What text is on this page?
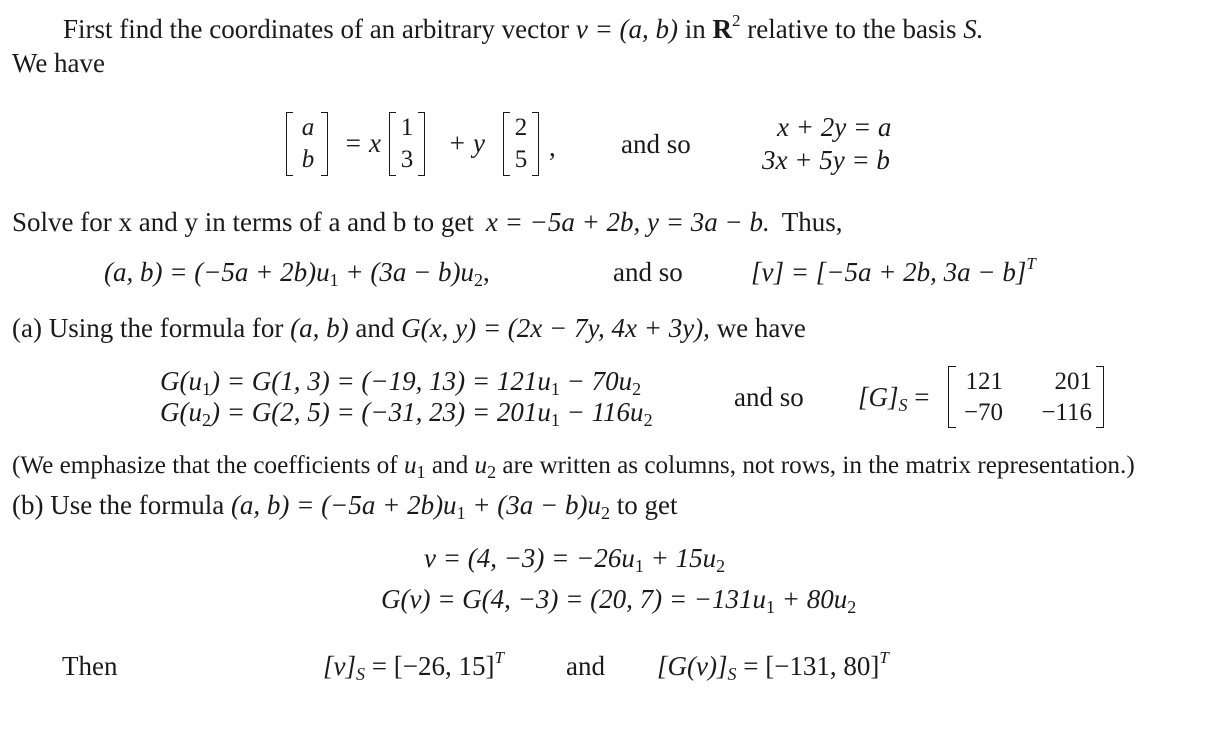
First find the coordinates of an arbitrary vector v = (a, b) in $R^2$ relative to the basis S.
We have
a
b
= x
1
3
+ y
2
5 , and so
x + 2y = a
3x + 5y = b
Solve for x and y in terms of a and b to get x = −5a + 2b, y = 3a − b. Thus,
(a, $b) = (-5a + 2b)u_1 + (3a - b)u_2$,	and so	[v] = [−5a + 2b, 3a − b]$^T$
(a) Using the formula for (a, b) and G(x, y) = (2x − 7y, 4x + 3y), we have
$G(u_1) = G(1$, 3) = (−19, $13) = 121u_1 - 70u_2$
$G(u_2) = G(2$, 5) = (−31, $23) = 201u_1 - 116u_2$
and so $[G]_S$ =
121	201
−70	−116
(We emphasize that the coefficients of $u_1$ and $u_2$ are written as columns, not rows, in the matrix representation.)
(b) Use the formula (a, $b) = (-5a + 2b)u_1 + (3a - b)u_2$ to get
v = (4, $-3) = -26u_1 + 15u_2$
G(v) = G(4, −3) = (20, $7) = -131u_1 + 80u_2$
Then	$[v]_S = [-26$, 15]$^T$ and $[G(v)]_S = [-131$, 80]$^T$
